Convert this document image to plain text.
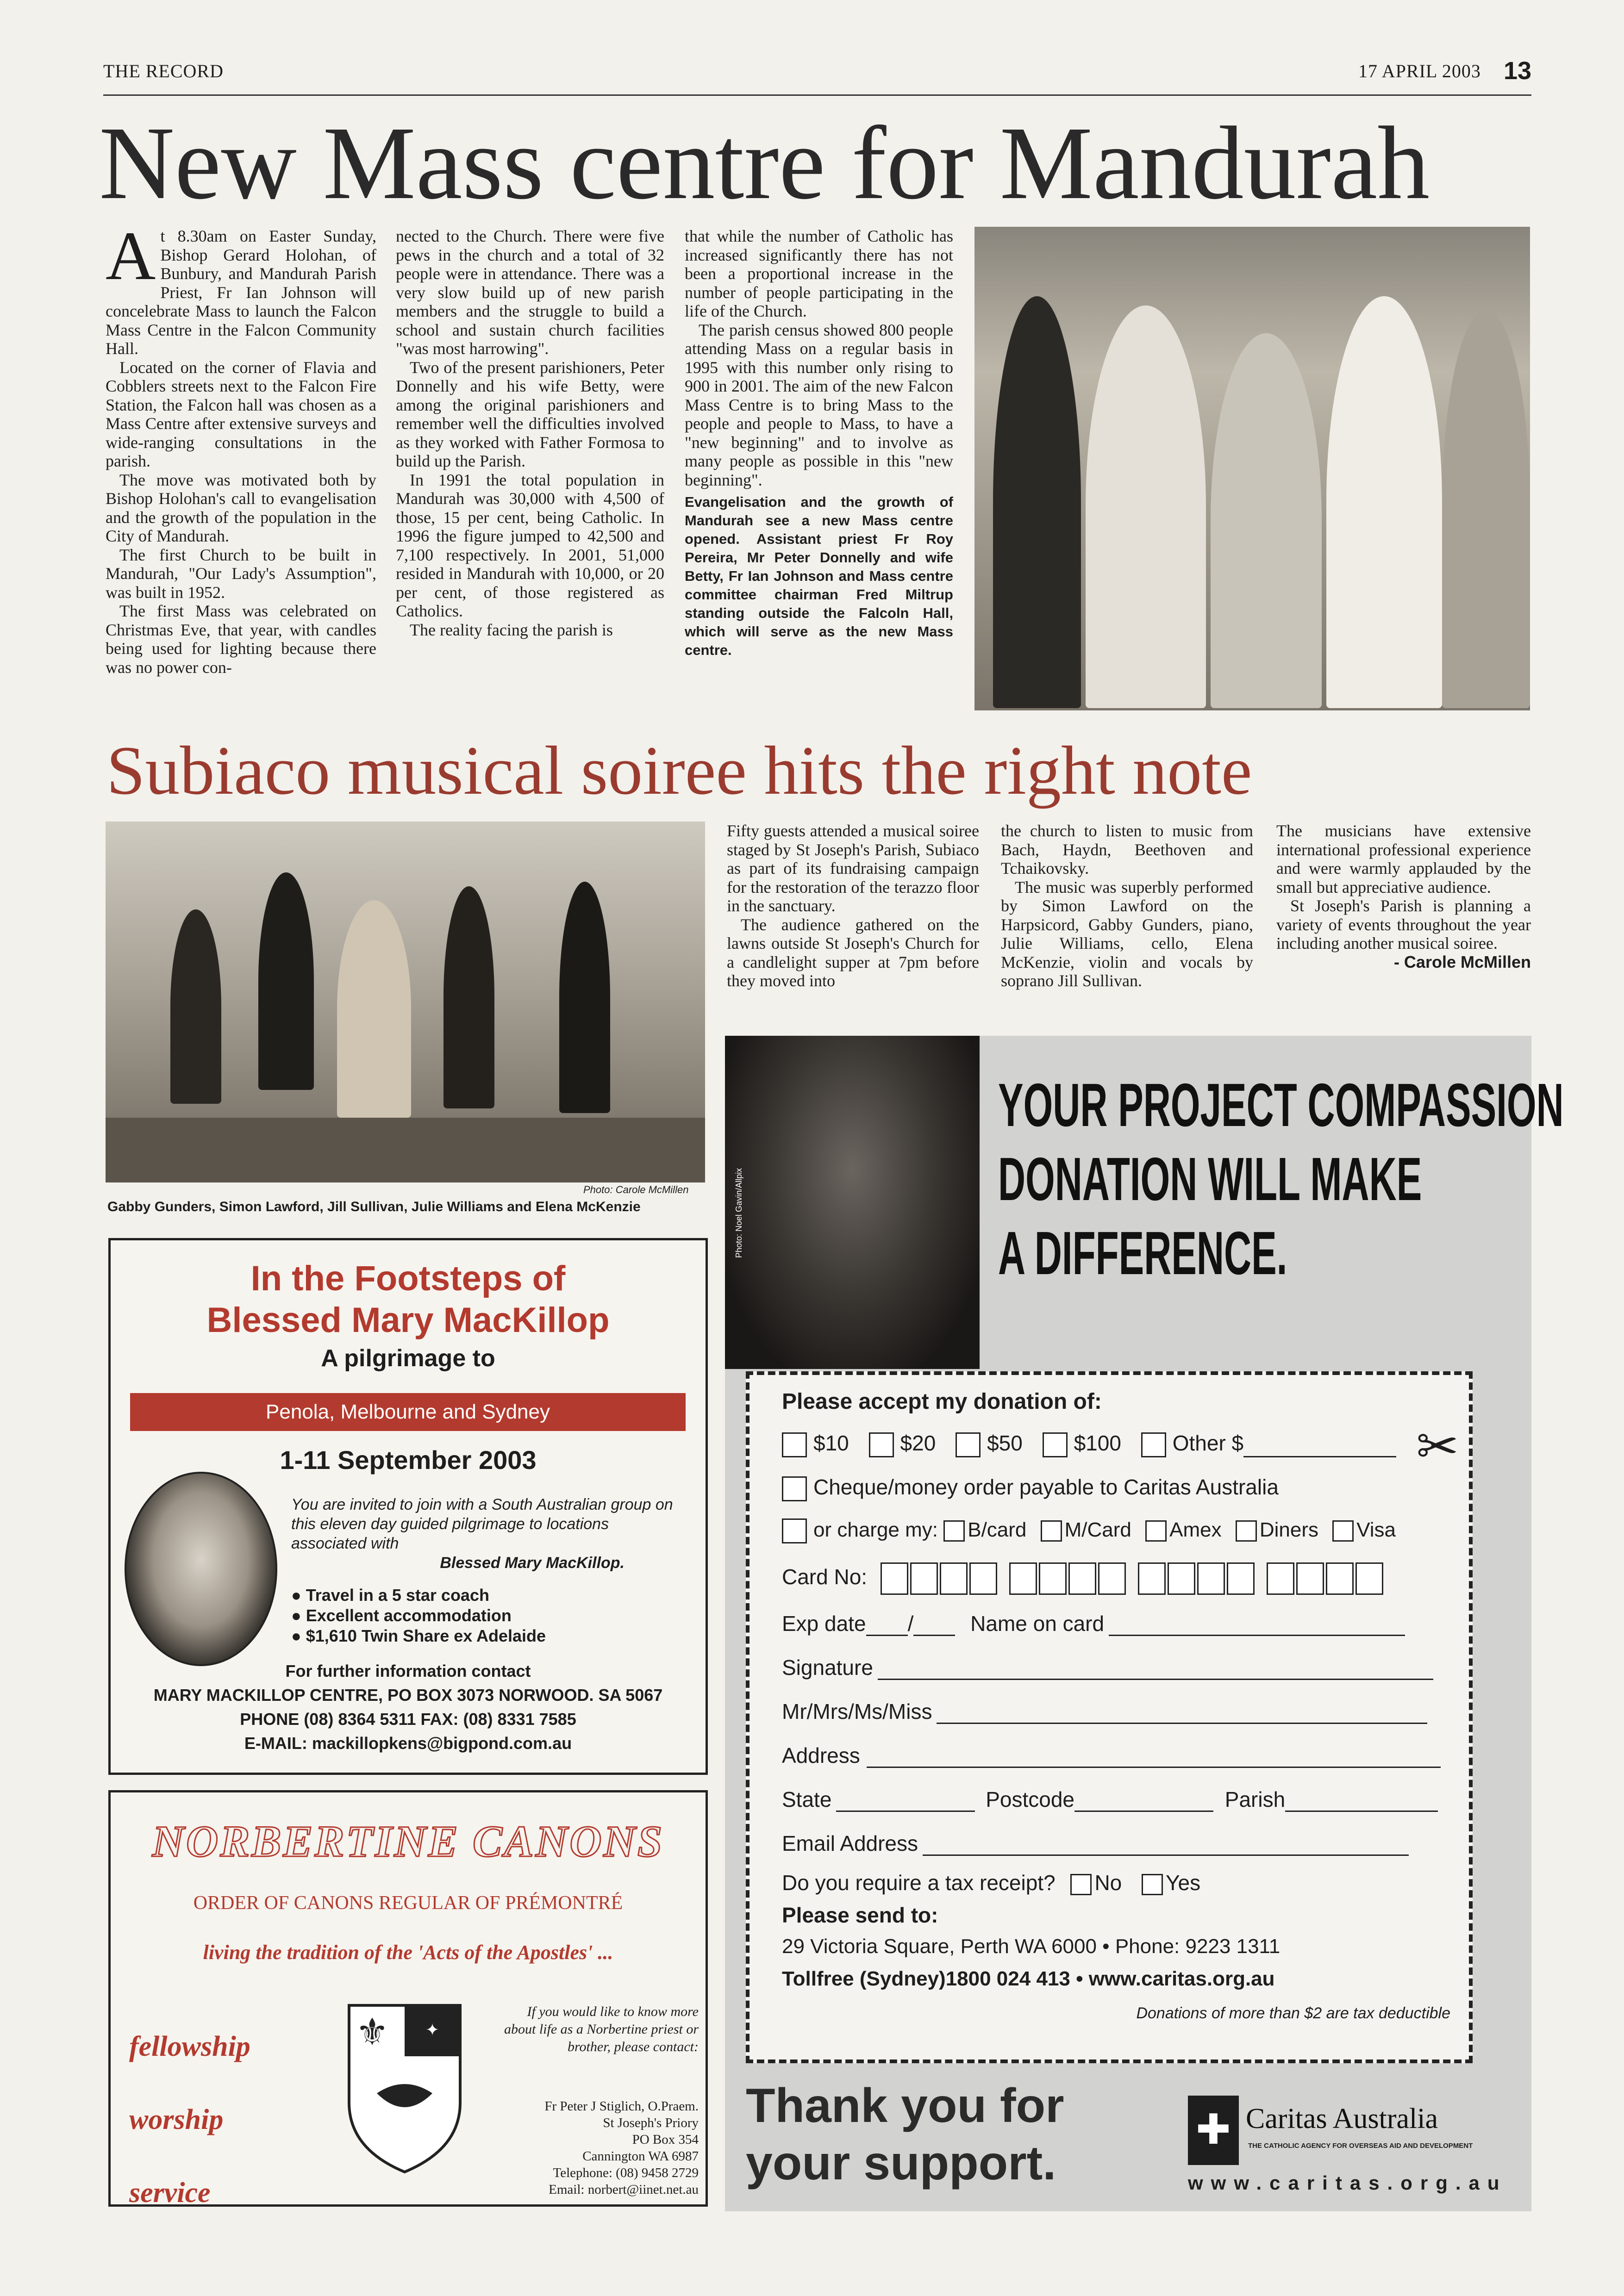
THE RECORD	17 APRIL 2003 13
New Mass centre for Mandurah
A t 8.30am on Easter Sunday, Bishop Gerard Holohan, of Bunbury, and Mandurah Parish Priest, Fr Ian Johnson will concelebrate Mass to launch the Falcon Mass Centre in the Falcon Community Hall.

Located on the corner of Flavia and Cobblers streets next to the Falcon Fire Station, the Falcon hall was chosen as a Mass Centre after extensive surveys and wide-ranging consultations in the parish.

The move was motivated both by Bishop Holohan's call to evangelisation and the growth of the population in the City of Mandurah.

The first Church to be built in Mandurah, "Our Lady's Assumption", was built in 1952.

The first Mass was celebrated on Christmas Eve, that year, with candles being used for lighting because there was no power con-

nected to the Church. There were five pews in the church and a total of 32 people were in attendance. There was a very slow build up of new parish members and the struggle to build a school and sustain church facilities "was most harrowing".

Two of the present parishioners, Peter Donnelly and his wife Betty, were among the original parishioners and remember well the difficulties involved as they worked with Father Formosa to build up the Parish.

In 1991 the total population in Mandurah was 30,000 with 4,500 of those, 15 per cent, being Catholic. In 1996 the figure jumped to 42,500 and 7,100 respectively. In 2001, 51,000 resided in Mandurah with 10,000, or 20 per cent, of those registered as Catholics.

The reality facing the parish is

that while the number of Catholic has increased significantly there has not been a proportional increase in the number of people participating in the life of the Church.

The parish census showed 800 people attending Mass on a regular basis in 1995 with this number only rising to 900 in 2001. The aim of the new Falcon Mass Centre is to bring Mass to the people and people to Mass, to have a "new beginning" and to involve as many people as possible in this "new beginning".

Evangelisation and the growth of Mandurah see a new Mass centre opened. Assistant priest Fr Roy Pereira, Mr Peter Donnelly and wife Betty, Fr Ian Johnson and Mass centre committee chairman Fred Miltrup standing outside the Falcoln Hall, which will serve as the new Mass centre.
Subiaco musical soiree hits the right note
Photo: Carole McMillen
Gabby Gunders, Simon Lawford, Jill Sullivan, Julie Williams and Elena McKenzie

Fifty guests attended a musical soiree staged by St Joseph's Parish, Subiaco as part of its fundraising campaign for the restoration of the terazzo floor in the sanctuary.

The audience gathered on the lawns outside St Joseph's Church for a candlelight supper at 7pm before they moved into

the church to listen to music from Bach, Haydn, Beethoven and Tchaikovsky.

The music was superbly performed by Simon Lawford on the Harpsicord, Gabby Gunders, piano, Julie Williams, cello, Elena McKenzie, violin and vocals by soprano Jill Sullivan.

The musicians have extensive international professional experience and were warmly applauded by the small but appreciative audience.

St Joseph's Parish is planning a variety of events throughout the year including another musical soiree.

- Carole McMillen
In the Footsteps of
Blessed Mary MacKillop
A pilgrimage to
Penola, Melbourne and Sydney
1-11 September 2003
You are invited to join with a South Australian group on this eleven day guided pilgrimage to locations associated with
Blessed Mary MacKillop.
● Travel in a 5 star coach
● Excellent accommodation
● $1,610 Twin Share ex Adelaide
For further information contact
MARY MACKILLOP CENTRE, PO BOX 3073 NORWOOD. SA 5067
PHONE (08) 8364 5311 FAX: (08) 8331 7585
E-MAIL: mackillopkens@bigpond.com.au
NORBERTINE CANONS
ORDER OF CANONS REGULAR OF PRÉMONTRÉ
living the tradition of the 'Acts of the Apostles' ...
fellowship
worship
service
⚜ ✦
If you would like to know more about life as a Norbertine priest or brother, please contact:
Fr Peter J Stiglich, O.Praem.
St Joseph's Priory
PO Box 354
Cannington WA 6987
Telephone: (08) 9458 2729
Email: norbert@iinet.net.au
Photo: Noel Gavin/Allpix
YOUR PROJECT COMPASSION
DONATION WILL MAKE
A DIFFERENCE.
Please accept my donation of:
$10 $20 $50 $100 Other $	✂
Cheque/money order payable to Caritas Australia
or charge my: B/card M/Card Amex Diners Visa
Card No:
Exp date /	Name on card
Signature
Mr/Mrs/Ms/Miss
Address
State	Postcode	Parish
Email Address
Do you require a tax receipt? No Yes
Please send to:
29 Victoria Square, Perth WA 6000 • Phone: 9223 1311
Tollfree (Sydney)1800 024 413 • www.caritas.org.au
Donations of more than $2 are tax deductible
Thank you for
your support.
✚ Caritas Australia
THE CATHOLIC AGENCY FOR OVERSEAS AID AND DEVELOPMENT
www.caritas.org.au
